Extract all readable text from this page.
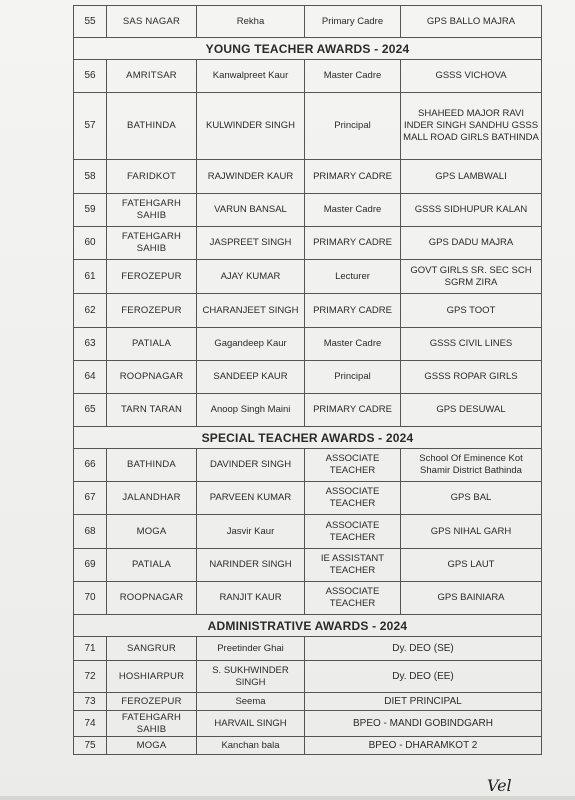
55	SAS NAGAR	Rekha	Primary Cadre	GPS BALLO MAJRA
YOUNG TEACHER AWARDS - 2024				
56	AMRITSAR	Kanwalpreet Kaur	Master Cadre	GSSS VICHOVA
57	BATHINDA	KULWINDER SINGH	Principal	SHAHEED MAJOR RAVI INDER SINGH SANDHU GSSS MALL ROAD GIRLS BATHINDA
58	FARIDKOT	RAJWINDER KAUR	PRIMARY CADRE	GPS LAMBWALI
59	FATEHGARH SAHIB	VARUN BANSAL	Master Cadre	GSSS SIDHUPUR KALAN
60	FATEHGARH SAHIB	JASPREET SINGH	PRIMARY CADRE	GPS DADU MAJRA
61	FEROZEPUR	AJAY KUMAR	Lecturer	GOVT GIRLS SR. SEC SCH SGRM ZIRA
62	FEROZEPUR	CHARANJEET SINGH	PRIMARY CADRE	GPS TOOT
63	PATIALA	Gagandeep Kaur	Master Cadre	GSSS CIVIL LINES
64	ROOPNAGAR	SANDEEP KAUR	Principal	GSSS ROPAR GIRLS
65	TARN TARAN	Anoop Singh Maini	PRIMARY CADRE	GPS DESUWAL
SPECIAL TEACHER AWARDS - 2024				
66	BATHINDA	DAVINDER SINGH	ASSOCIATE TEACHER	School Of Eminence Kot Shamir District Bathinda
67	JALANDHAR	PARVEEN KUMAR	ASSOCIATE TEACHER	GPS BAL
68	MOGA	Jasvir Kaur	ASSOCIATE TEACHER	GPS NIHAL GARH
69	PATIALA	NARINDER SINGH	IE ASSISTANT TEACHER	GPS LAUT
70	ROOPNAGAR	RANJIT KAUR	ASSOCIATE TEACHER	GPS BAINIARA
ADMINISTRATIVE AWARDS - 2024				
71	SANGRUR	Preetinder Ghai	Dy. DEO (SE)	
72	HOSHIARPUR	S. SUKHWINDER SINGH	Dy. DEO (EE)	
73	FEROZEPUR	Seema	DIET PRINCIPAL	
74	FATEHGARH SAHIB	HARVAIL SINGH	BPEO - MANDI GOBINDGARH	
75	MOGA	Kanchan bala	BPEO - DHARAMKOT 2	
Vel
